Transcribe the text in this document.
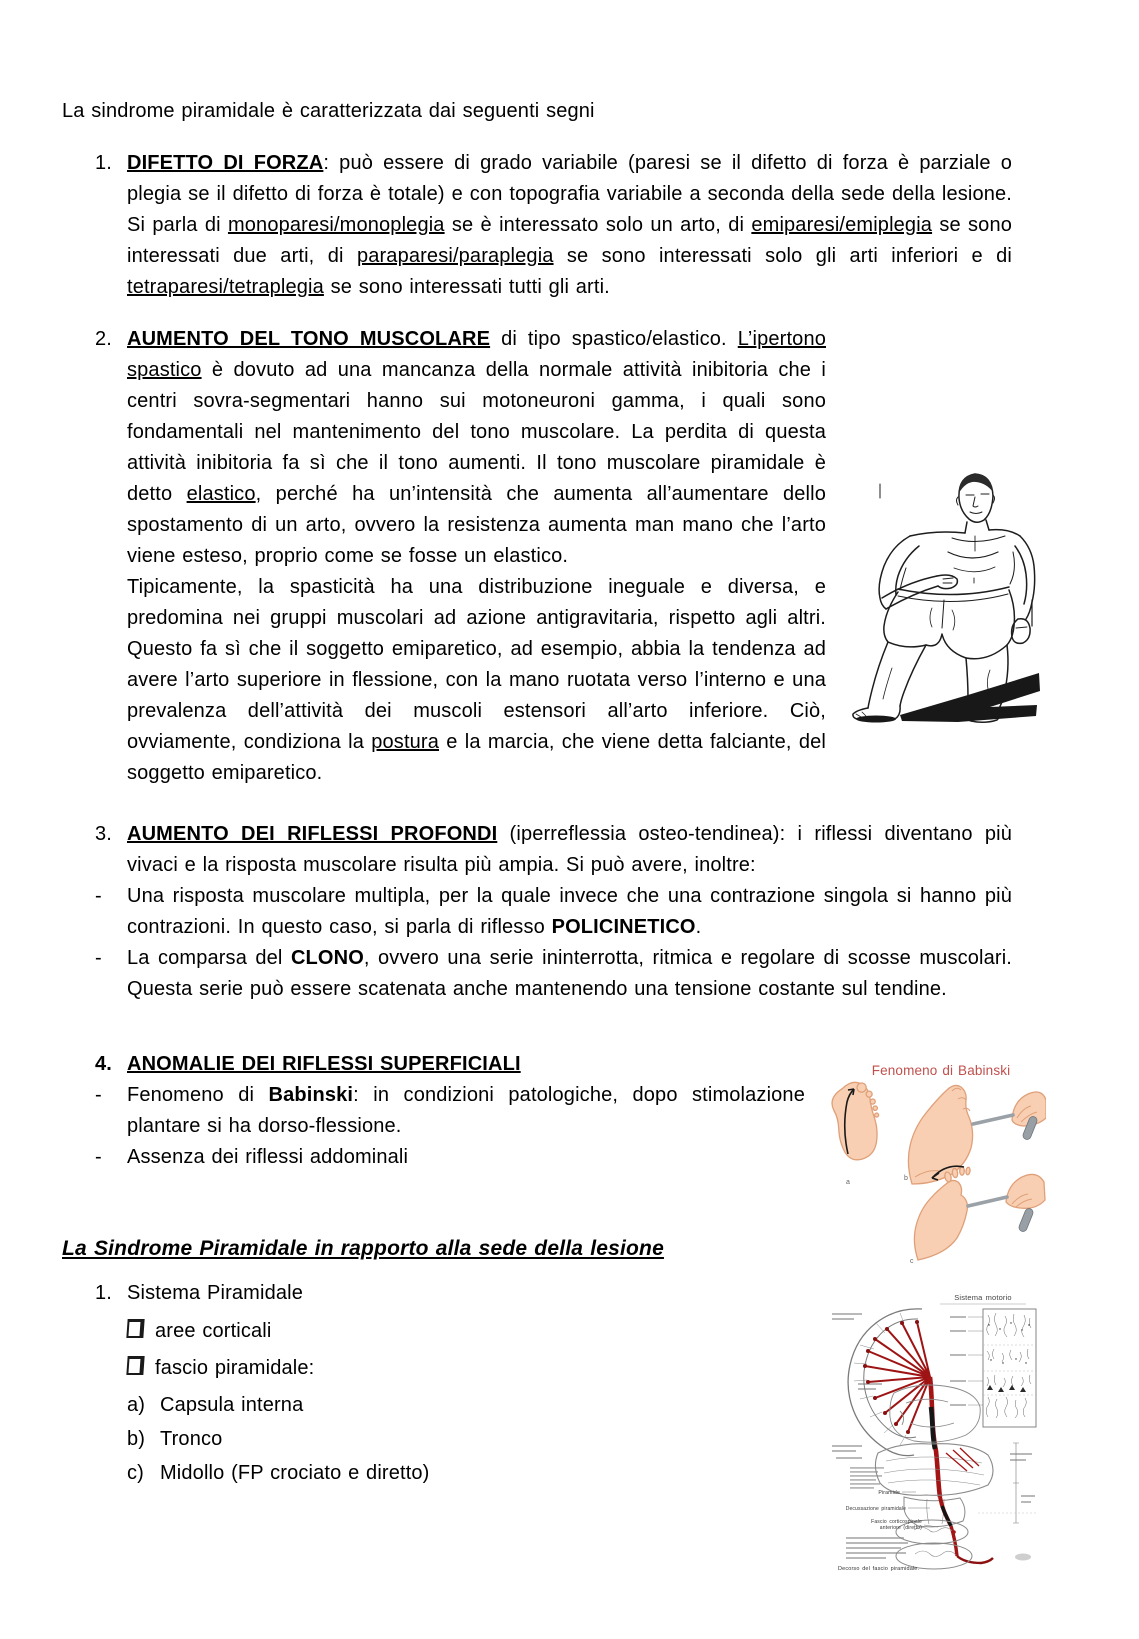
La sindrome piramidale è caratterizzata dai seguenti segni

1. DIFETTO DI FORZA: può essere di grado variabile (paresi se il difetto di forza è parziale o plegia se il difetto di forza è totale) e con topografia variabile a seconda della sede della lesione. Si parla di monoparesi/monoplegia se è interessato solo un arto, di emiparesi/emiplegia se sono interessati due arti, di paraparesi/paraplegia se sono interessati solo gli arti inferiori e di tetraparesi/tetraplegia se sono interessati tutti gli arti.

2. AUMENTO DEL TONO MUSCOLARE di tipo spastico/elastico. L’ipertono spastico è dovuto ad una mancanza della normale attività inibitoria che i centri sovra-segmentari hanno sui motoneuroni gamma, i quali sono fondamentali nel mantenimento del tono muscolare. La perdita di questa attività inibitoria fa sì che il tono aumenti. Il tono muscolare piramidale è detto elastico, perché ha un’intensità che aumenta all’aumentare dello spostamento di un arto, ovvero la resistenza aumenta man mano che l’arto viene esteso, proprio come se fosse un elastico.

Tipicamente, la spasticità ha una distribuzione ineguale e diversa, e predomina nei gruppi muscolari ad azione antigravitaria, rispetto agli altri. Questo fa sì che il soggetto emiparetico, ad esempio, abbia la tendenza ad avere l’arto superiore in flessione, con la mano ruotata verso l’interno e una prevalenza dell’attività dei muscoli estensori all’arto inferiore. Ciò, ovviamente, condiziona la postura e la marcia, che viene detta falciante, del soggetto emiparetico.

3. AUMENTO DEI RIFLESSI PROFONDI (iperreflessia osteo-tendinea): i riflessi diventano più vivaci e la risposta muscolare risulta più ampia. Si può avere, inoltre:

- Una risposta muscolare multipla, per la quale invece che una contrazione singola si hanno più contrazioni. In questo caso, si parla di riflesso POLICINETICO.

- La comparsa del CLONO, ovvero una serie ininterrotta, ritmica e regolare di scosse muscolari. Questa serie può essere scatenata anche mantenendo una tensione costante sul tendine.

4. ANOMALIE DEI RIFLESSI SUPERFICIALI

- Fenomeno di Babinski: in condizioni patologiche, dopo stimolazione plantare si ha dorso-flessione.

- Assenza dei riflessi addominali

La Sindrome Piramidale in rapporto alla sede della lesione

1. Sistema Piramidale

aree corticali

fascio piramidale:

a) Capsula interna

b) Tronco

c) Midollo (FP crociato e diretto)

Fenomeno di Babinski
a
b
c
Sistema motorio
Piramide
Decussazione piramidale
Fascio corticospinale
anteriore (diretto)
Decorso del fascio piramidale.
